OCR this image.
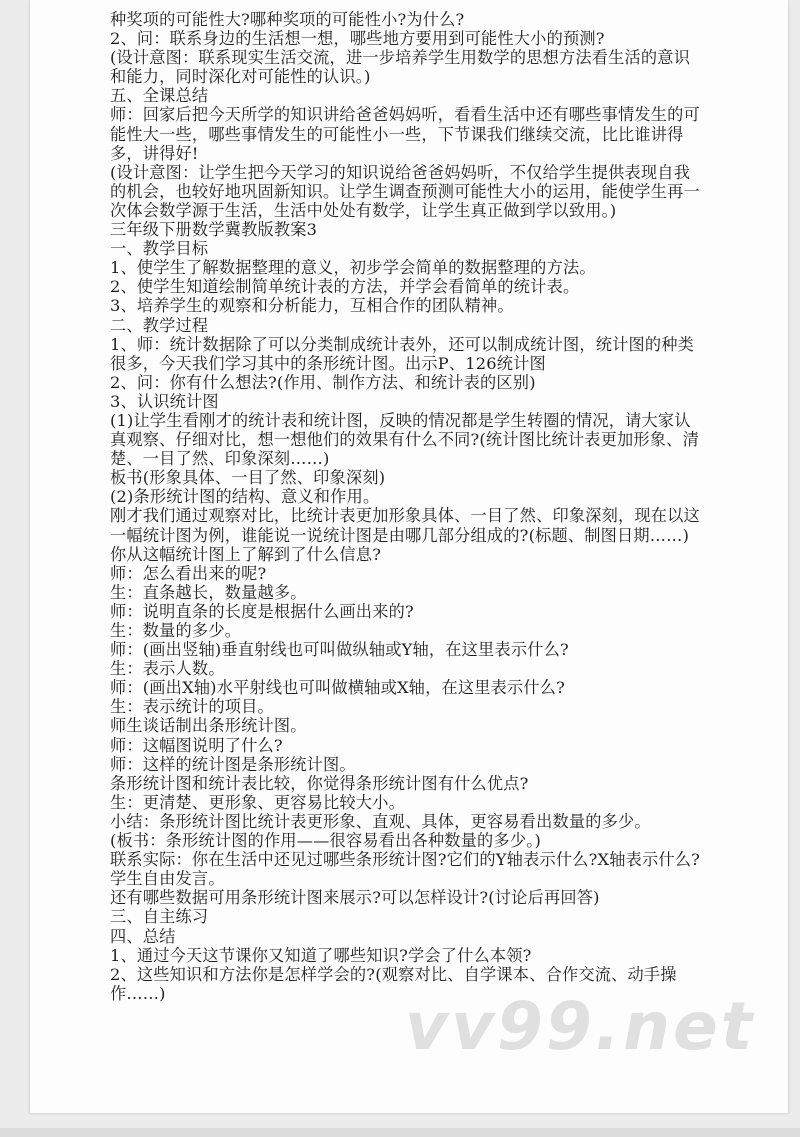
种奖项的可能性大?哪种奖项的可能性小?为什么?
2、问：联系身边的生活想一想，哪些地方要用到可能性大小的预测?
(设计意图：联系现实生活交流，进一步培养学生用数学的思想方法看生活的意识
和能力，同时深化对可能性的认识。)
五、全课总结
师：回家后把今天所学的知识讲给爸爸妈妈听，看看生活中还有哪些事情发生的可
能性大一些，哪些事情发生的可能性小一些，下节课我们继续交流，比比谁讲得
多，讲得好!
(设计意图：让学生把今天学习的知识说给爸爸妈妈听，不仅给学生提供表现自我
的机会，也较好地巩固新知识。让学生调查预测可能性大小的运用，能使学生再一
次体会数学源于生活，生活中处处有数学，让学生真正做到学以致用。)
三年级下册数学冀教版教案3
一、教学目标
1、使学生了解数据整理的意义，初步学会简单的数据整理的方法。
2、使学生知道绘制简单统计表的方法，并学会看简单的统计表。
3、培养学生的观察和分析能力，互相合作的团队精神。
二、教学过程
1、师：统计数据除了可以分类制成统计表外，还可以制成统计图，统计图的种类
很多，今天我们学习其中的条形统计图。出示P、126统计图
2、问：你有什么想法?(作用、制作方法、和统计表的区别)
3、认识统计图
(1)让学生看刚才的统计表和统计图，反映的情况都是学生转圈的情况，请大家认
真观察、仔细对比，想一想他们的效果有什么不同?(统计图比统计表更加形象、清
楚、一目了然、印象深刻……)
板书(形象具体、一目了然、印象深刻)
(2)条形统计图的结构、意义和作用。
刚才我们通过观察对比，比统计表更加形象具体、一目了然、印象深刻，现在以这
一幅统计图为例，谁能说一说统计图是由哪几部分组成的?(标题、制图日期……)
你从这幅统计图上了解到了什么信息?
师：怎么看出来的呢?
生：直条越长，数量越多。
师：说明直条的长度是根据什么画出来的?
生：数量的多少。
师：(画出竖轴)垂直射线也可叫做纵轴或Y轴，在这里表示什么?
生：表示人数。
师：(画出X轴)水平射线也可叫做横轴或X轴，在这里表示什么?
生：表示统计的项目。
师生谈话制出条形统计图。
师：这幅图说明了什么?
师：这样的统计图是条形统计图。
条形统计图和统计表比较，你觉得条形统计图有什么优点?
生：更清楚、更形象、更容易比较大小。
小结：条形统计图比统计表更形象、直观、具体，更容易看出数量的多少。
(板书：条形统计图的作用——很容易看出各种数量的多少。)
联系实际：你在生活中还见过哪些条形统计图?它们的Y轴表示什么?X轴表示什么?
学生自由发言。
还有哪些数据可用条形统计图来展示?可以怎样设计?(讨论后再回答)
三、自主练习
四、总结
1、通过今天这节课你又知道了哪些知识?学会了什么本领?
2、这些知识和方法你是怎样学会的?(观察对比、自学课本、合作交流、动手操
作……)	vv99.net
